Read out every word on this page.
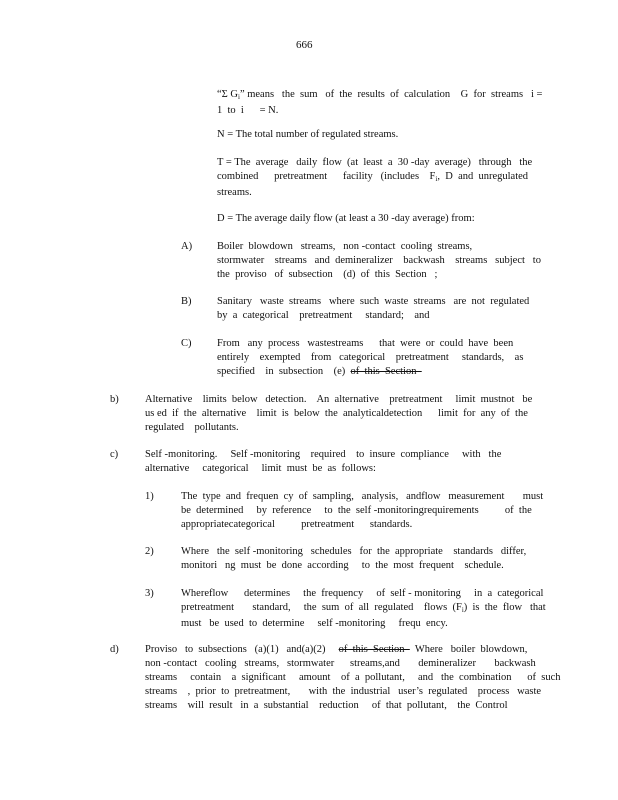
666
“Σ $G_i$” means   the  sum   of  the  results  of  calculation    G  for  streams   i =
1  to  i      = N.
N = The total number of regulated streams.
T = The  average   daily  flow  (at  least  a  30 -day  average)   through   the
combined      pretreatment      facility   (includes    $F_i$,  D  and  unregulated
streams.
D = The average daily flow (at least a 30 -day average) from:
A) Boiler  blowdown   streams,   non -contact  cooling  streams,
stormwater    streams   and  demineralizer    backwash    streams   subject   to
the  proviso   of  subsection    (d)  of  this  Section   ;
B) Sanitary   waste  streams   where  such  waste  streams   are  not  regulated
by  a  categorical    pretreatment     standard;    and
C) From   any  process   wastestreams      that  were  or  could  have  been
entirely    exempted    from   categorical    pretreatment     standards,    as
specified    in  subsection    (e)  of  this  Section
b)	Alternative    limits  below   detection.    An  alternative    pretreatment     limit  mustnot   be
us ed  if  the  alternative    limit  is  below  the  analyticaldetection      limit  for  any  of  the
regulated    pollutants.
c)	Self -monitoring.     Self -monitoring    required    to  insure  compliance     with   the
alternative     categorical     limit  must  be  as  follows:
1)	The  type  and  frequen  cy  of  sampling,   analysis,   andflow   measurement       must
be  determined     by  reference     to  the  self -monitoringrequirements          of  the
appropriatecategorical          pretreatment      standards.
2)	Where   the  self -monitoring   schedules   for  the  appropriate    standards   differ,
monitori   ng  must  be  done  according     to  the  most  frequent    schedule.
3)	Whereflow      determines     the  frequency     of  self - monitoring     in  a  categorical
pretreatment       standard,     the  sum  of  all  regulated    flows  $(F_i)$  is  the  flow   that
must   be  used  to  determine     self -monitoring     frequ  ency.
d)	Proviso   to  subsections   (a)(1)   and(a)(2)     of  this  Section    Where   boiler  blowdown,
non -contact   cooling   streams,   stormwater      streams,and       demineralizer       backwash
streams     contain    a  significant     amount    of  a  pollutant,     and   the  combination      of  such
streams    ,  prior  to  pretreatment,       with  the  industrial   user’s  regulated    process   waste
streams    will  result   in  a  substantial    reduction     of  that  pollutant,    the  Control
